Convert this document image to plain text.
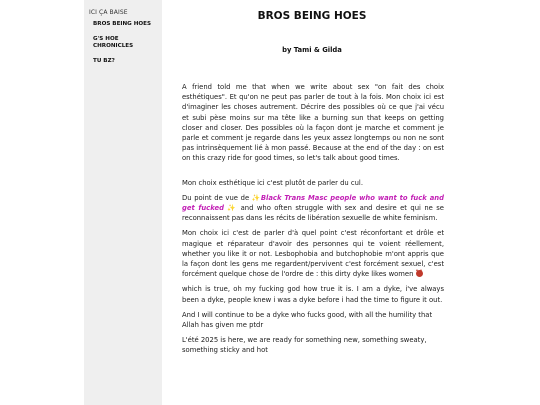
ICI ÇA BAISE
BROS BEING HOES
G'S HOE CHRONICLES
TU BZ?
BROS BEING HOES
by Tami & Gilda

A friend told me that when we write about sex "on fait des choix esthétiques". Et qu'on ne peut pas parler de tout à la fois. Mon choix ici est d'imaginer les choses autrement. Décrire des possibles où ce que j'ai vécu et subi pèse moins sur ma tête like a burning sun that keeps on getting closer and closer. Des possibles où la façon dont je marche et comment je parle et comment je regarde dans les yeux assez longtemps ou non ne sont pas intrinsèquement lié à mon passé. Because at the end of the day : on est on this crazy ride for good times, so let's talk about good times.

Mon choix esthétique ici c'est plutôt de parler du cul.

Du point de vue de ✨Black Trans Masc people who want to fuck and get fucked ✨ and who often struggle with sex and desire et qui ne se reconnaissent pas dans les récits de libération sexuelle de white feminism.

Mon choix ici c'est de parler d'à quel point c'est réconfortant et drôle et magique et réparateur d'avoir des personnes qui te voient réellement, whether you like it or not. Lesbophobia and butchophobie m'ont appris que la façon dont les gens me regardent/pervivent c'est forcément sexuel, c'est forcément quelque chose de l'ordre de : this dirty dyke likes women

which is true, oh my fucking god how true it is. I am a dyke, i've always been a dyke, people knew i was a dyke before i had the time to figure it out.

And I will continue to be a dyke who fucks good, with all the humility that Allah has given me ptdr

L'été 2025 is here, we are ready for something new, something sweaty, something sticky and hot
